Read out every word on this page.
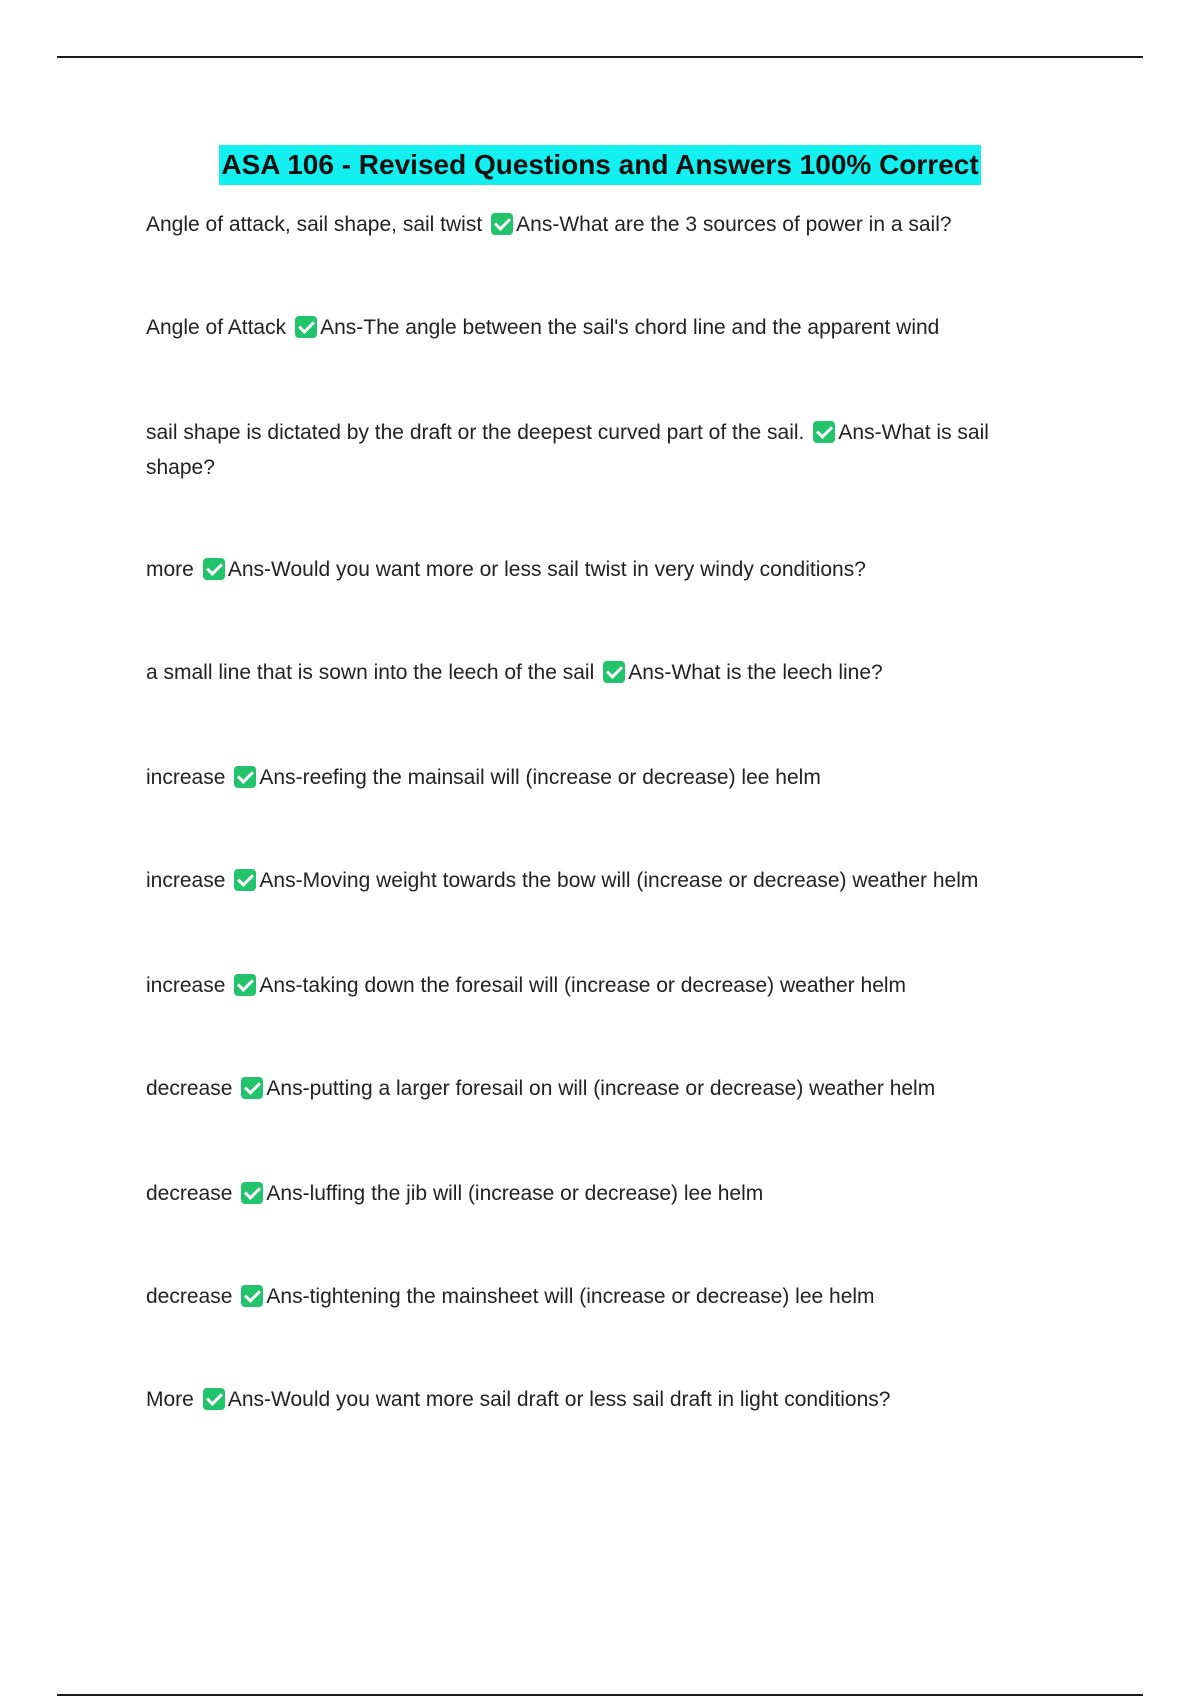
ASA 106 - Revised Questions and Answers 100% Correct
Angle of attack, sail shape, sail twist Ans-What are the 3 sources of power in a sail?
Angle of Attack Ans-The angle between the sail's chord line and the apparent wind
sail shape is dictated by the draft or the deepest curved part of the sail. Ans-What is sail shape?
more Ans-Would you want more or less sail twist in very windy conditions?
a small line that is sown into the leech of the sail Ans-What is the leech line?
increase Ans-reefing the mainsail will (increase or decrease) lee helm
increase Ans-Moving weight towards the bow will (increase or decrease) weather helm
increase Ans-taking down the foresail will (increase or decrease) weather helm
decrease Ans-putting a larger foresail on will (increase or decrease) weather helm
decrease Ans-luffing the jib will (increase or decrease) lee helm
decrease Ans-tightening the mainsheet will (increase or decrease) lee helm
More Ans-Would you want more sail draft or less sail draft in light conditions?
